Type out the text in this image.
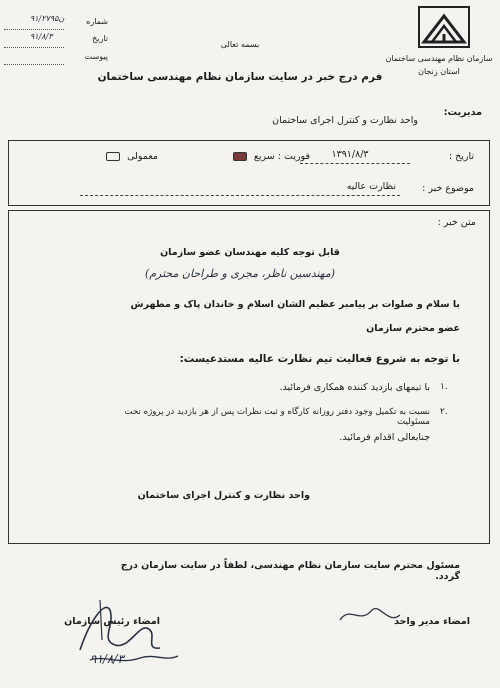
سازمان نظام مهندسی ساختمان
استان زنجان
بسمه تعالی
شماره
۹۱/۲۷۹۵ن
تاریخ
۹۱/۸/۳
پیوست
فرم درج خبر در سایت سازمان نظام مهندسی ساختمان
مدیریت:
واحد نظارت و کنترل اجرای ساختمان
تاریخ :
۱۳۹۱/۸/۳
فوریت : سریع
معمولی
موضوع خبر :
نظارت عالیه
متن خبر :
قابل توجه کلیه مهندسان عضو سازمان
(مهندسین ناظر، مجری و طراحان محترم)
با سلام و صلوات بر پیامبر عظیم الشان اسلام و خاندان پاک و مطهرش
عضو محترم سازمان
با توجه به شروع فعالیت تیم نظارت عالیه مستدعیست:
۱.
با تیمهای بازدید کننده همکاری فرمائید.
۲.
نسبت به تکمیل وجود دفتر روزانه کارگاه و ثبت نظرات پس از هر بازدید در پروژه تحت مسئولیت
جنابعالی اقدام فرمائید.
واحد نظارت و کنترل اجرای ساختمان
مسئول محترم سایت سازمان نظام مهندسی، لطفاً در سایت سازمان درج گردد.
امضاء رئیس سازمان	امضاء مدیر واحد
۹۱/۸/۳
